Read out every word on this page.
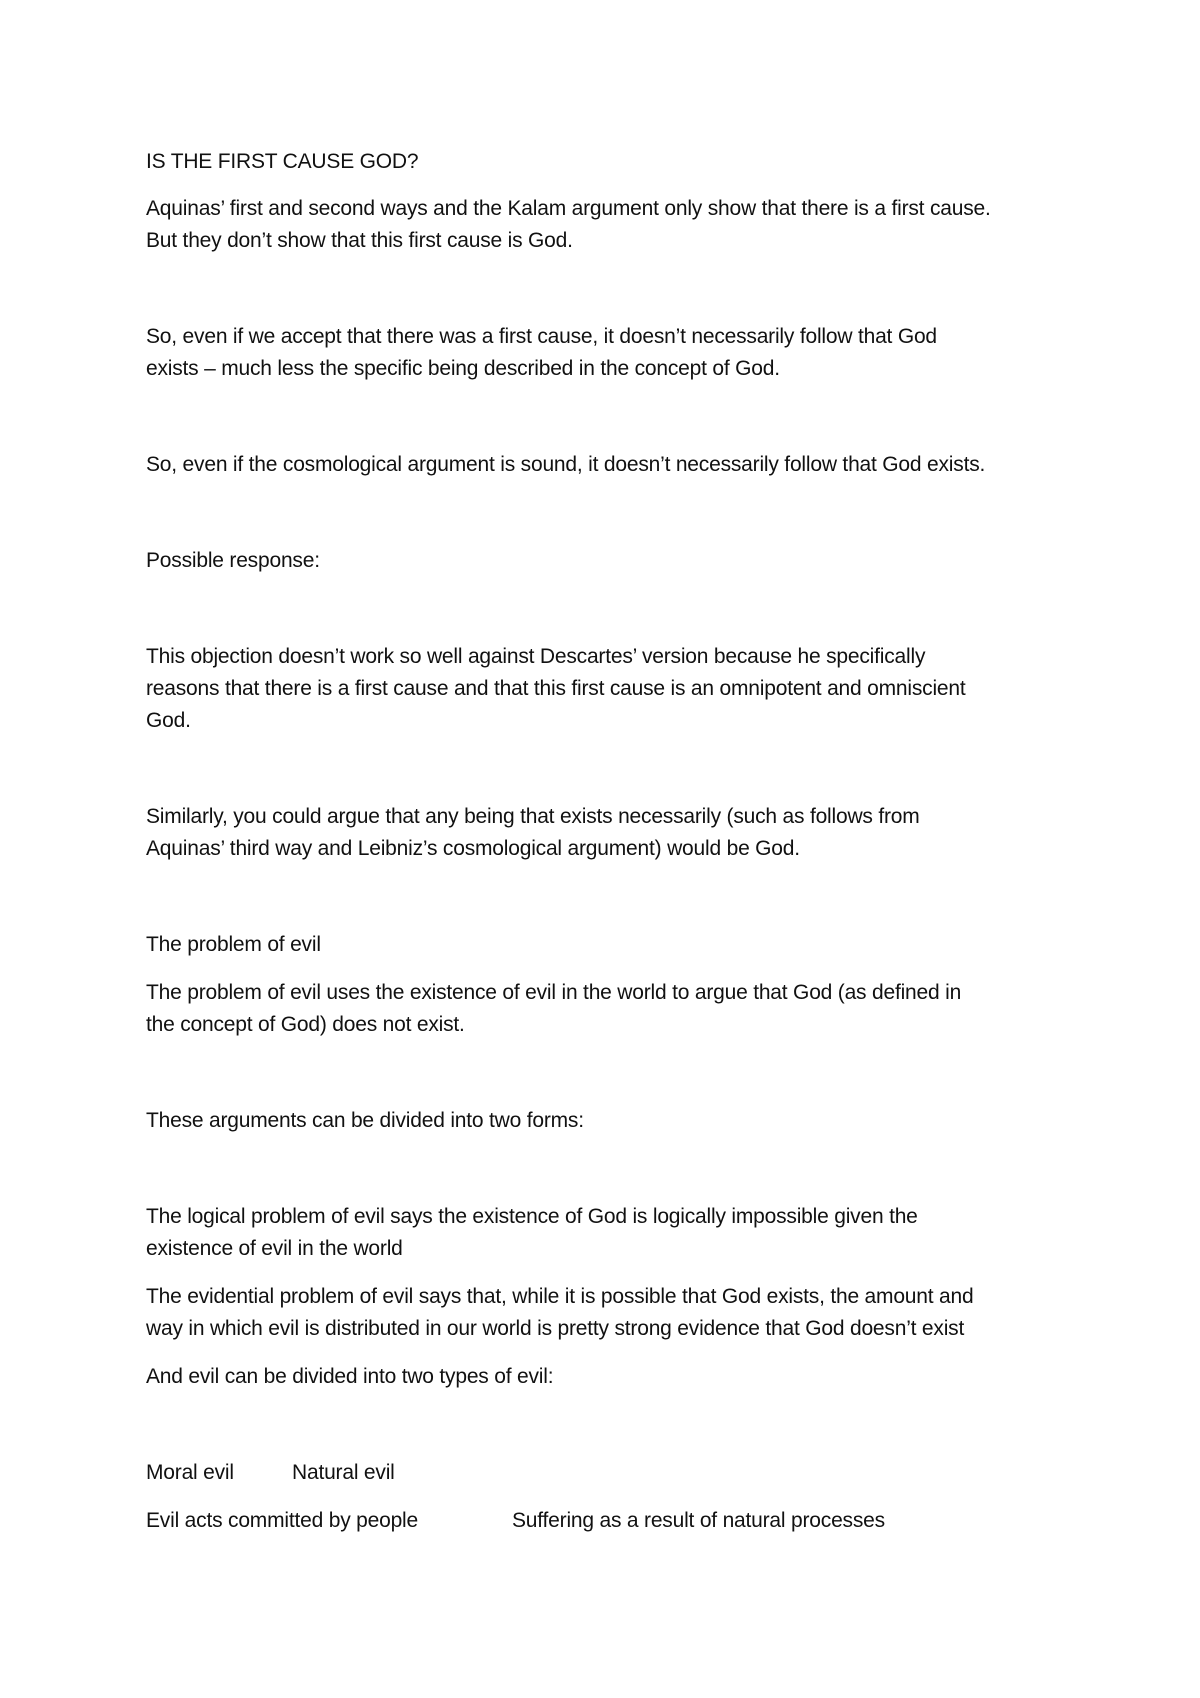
IS THE FIRST CAUSE GOD?
Aquinas’ first and second ways and the Kalam argument only show that there is a first cause.
But they don’t show that this first cause is God.
So, even if we accept that there was a first cause, it doesn’t necessarily follow that God
exists – much less the specific being described in the concept of God.
So, even if the cosmological argument is sound, it doesn’t necessarily follow that God exists.
Possible response:
This objection doesn’t work so well against Descartes’ version because he specifically
reasons that there is a first cause and that this first cause is an omnipotent and omniscient
God.
Similarly, you could argue that any being that exists necessarily (such as follows from
Aquinas’ third way and Leibniz’s cosmological argument) would be God.
The problem of evil
The problem of evil uses the existence of evil in the world to argue that God (as defined in
the concept of God) does not exist.
These arguments can be divided into two forms:
The logical problem of evil says the existence of God is logically impossible given the
existence of evil in the world
The evidential problem of evil says that, while it is possible that God exists, the amount and
way in which evil is distributed in our world is pretty strong evidence that God doesn’t exist
And evil can be divided into two types of evil:
Moral evil	Natural evil
Evil acts committed by people	Suffering as a result of natural processes
